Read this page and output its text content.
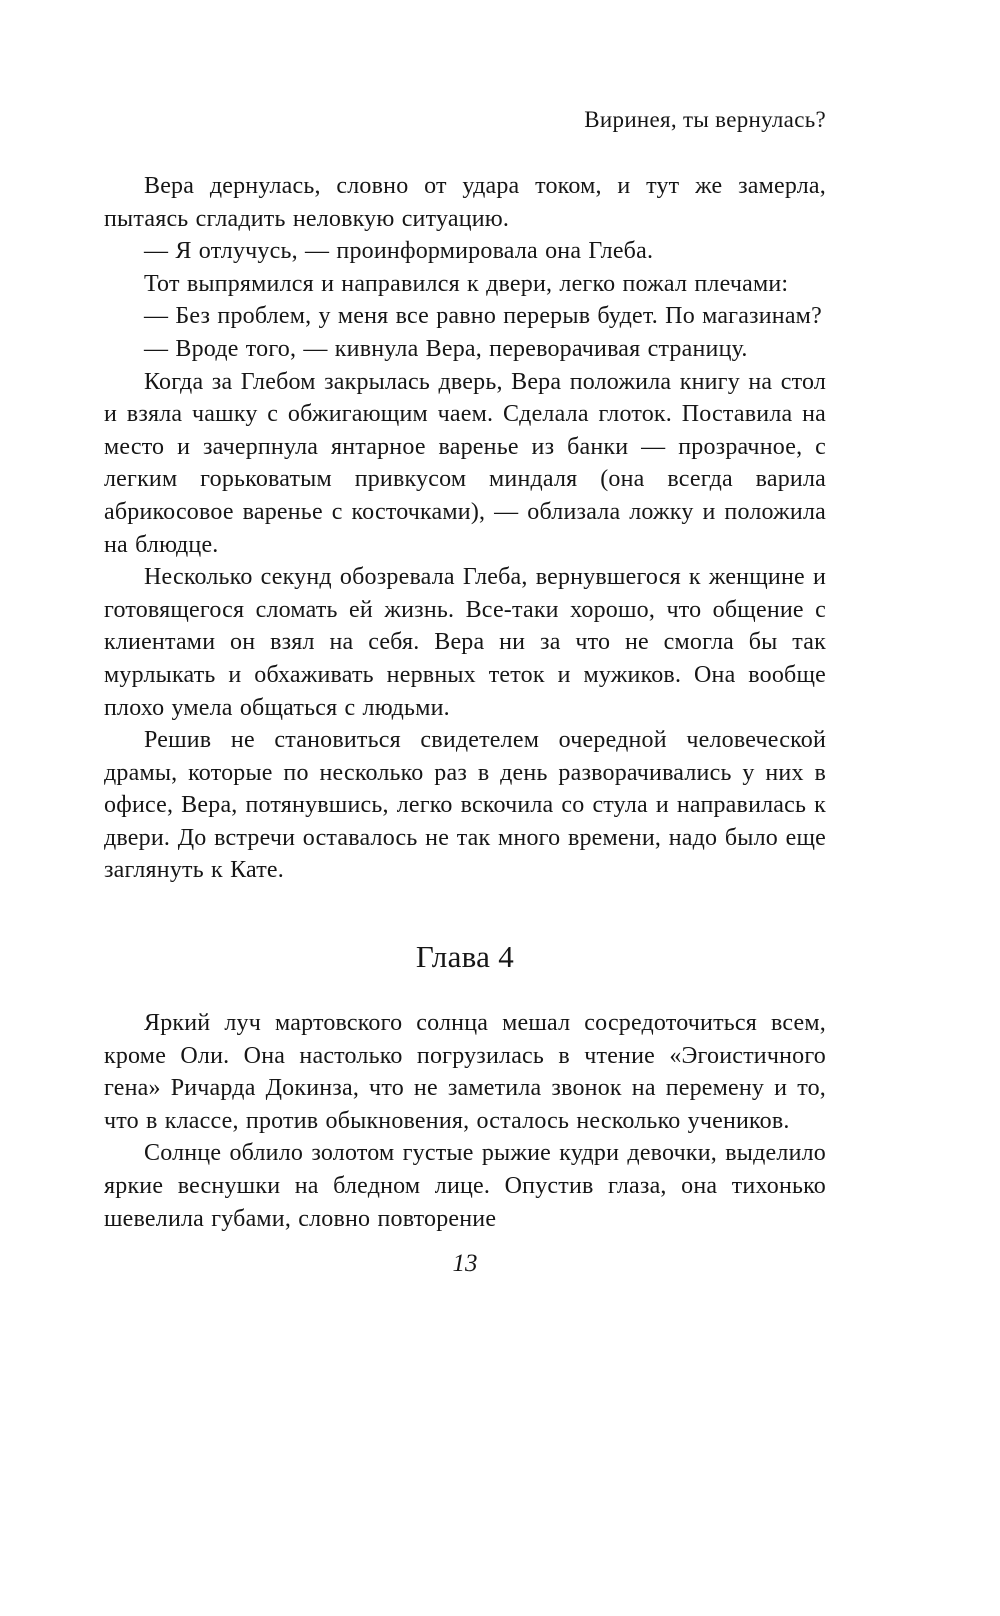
Виринея, ты вернулась?

Вера дернулась, словно от удара током, и тут же замерла, пытаясь сгладить неловкую ситуацию.

— Я отлучусь, — проинформировала она Глеба.

Тот выпрямился и направился к двери, легко пожал плечами:

— Без проблем, у меня все равно перерыв будет. По магазинам?

— Вроде того, — кивнула Вера, переворачивая страницу.

Когда за Глебом закрылась дверь, Вера положила книгу на стол и взяла чашку с обжигающим чаем. Сделала глоток. Поставила на место и зачерпнула янтарное варенье из банки — прозрачное, с легким горьковатым привкусом миндаля (она всегда варила абрикосовое варенье с косточками), — облизала ложку и положила на блюдце.

Несколько секунд обозревала Глеба, вернувшегося к женщине и готовящегося сломать ей жизнь. Все-таки хорошо, что общение с клиентами он взял на себя. Вера ни за что не смогла бы так мурлыкать и обхаживать нервных теток и мужиков. Она вообще плохо умела общаться с людьми.

Решив не становиться свидетелем очередной человеческой драмы, которые по несколько раз в день разворачивались у них в офисе, Вера, потянувшись, легко вскочила со стула и направилась к двери. До встречи оставалось не так много времени, надо было еще заглянуть к Кате.

Глава 4

Яркий луч мартовского солнца мешал сосредоточиться всем, кроме Оли. Она настолько погрузилась в чтение «Эгоистичного гена» Ричарда Докинза, что не заметила звонок на перемену и то, что в классе, против обыкновения, осталось несколько учеников.

Солнце облило золотом густые рыжие кудри девочки, выделило яркие веснушки на бледном лице. Опустив глаза, она тихонько шевелила губами, словно повторение

13
